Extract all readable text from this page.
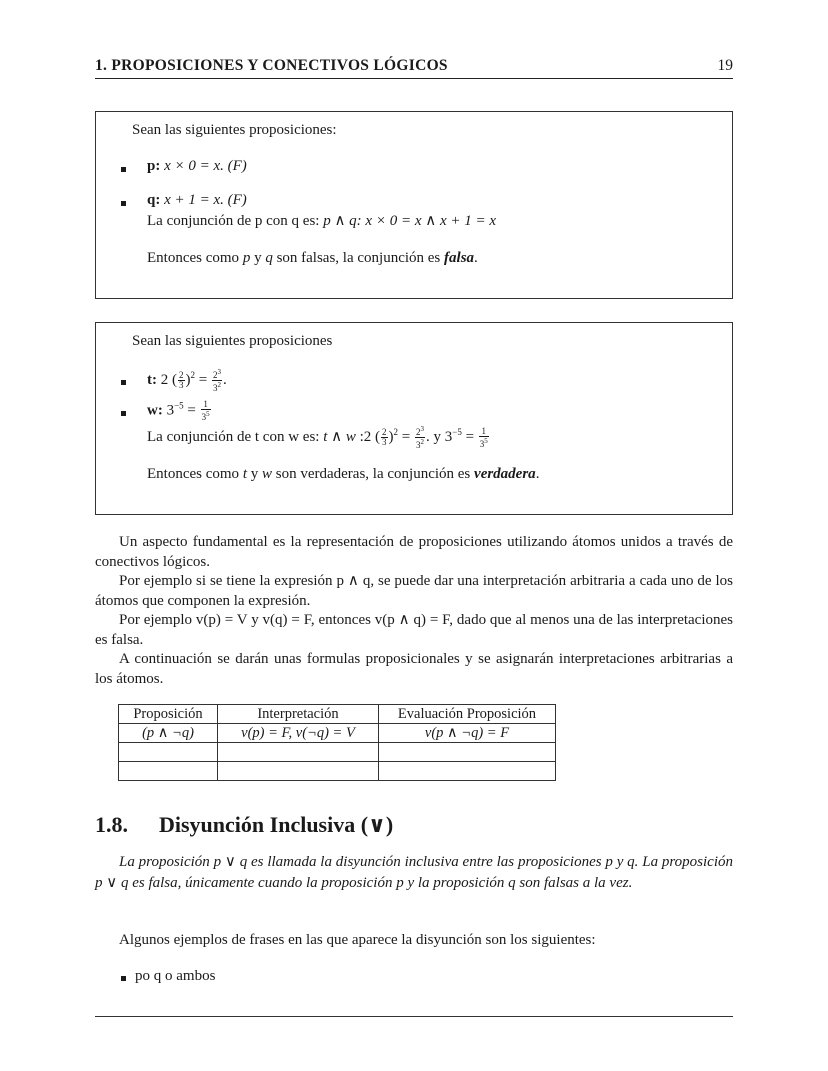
1. PROPOSICIONES Y CONECTIVOS LÓGICOS	19
Sean las siguientes proposiciones:
p: x × 0 = x. (F)
q: x + 1 = x. (F)
La conjunción de p con q es: p ∧ q: x × 0 = x ∧ x + 1 = x
Entonces como p y q son falsas, la conjunción es falsa.
Sean las siguientes proposiciones
t: 2 ( $\frac{2}{3} )^2 = \frac{2^3}{3^2}$ .
w: $3^{-5} = \frac{1}{3^5}$
La conjunción de t con w es: t ∧ w :2 ( $\frac{2}{3} )^2 = \frac{2^3}{3^2}$ . y $3^{-5} = \frac{1}{3^5}$
Entonces como t y w son verdaderas, la conjunción es verdadera.
Un aspecto fundamental es la representación de proposiciones utilizando átomos unidos a través de conectivos lógicos.
Por ejemplo si se tiene la expresión p ∧ q, se puede dar una interpretación arbitraria a cada uno de los átomos que componen la expresión.
Por ejemplo v(p) = V y v(q) = F, entonces v(p ∧ q) = F, dado que al menos una de las interpretaciones es falsa.
A continuación se darán unas formulas proposicionales y se asignarán interpretaciones arbitrarias a los átomos.
Proposición	Interpretación	Evaluación Proposición
(p ∧ ¬q)	v(p) = F, v(¬q) = V	v(p ∧ ¬q) = F

1.8. Disyunción Inclusiva (∨)
La proposición p ∨ q es llamada la disyunción inclusiva entre las proposiciones p y q. La proposición p ∨ q es falsa, únicamente cuando la proposición p y la proposición q son falsas a la vez.
Algunos ejemplos de frases en las que aparece la disyunción son los siguientes:
po q o ambos
